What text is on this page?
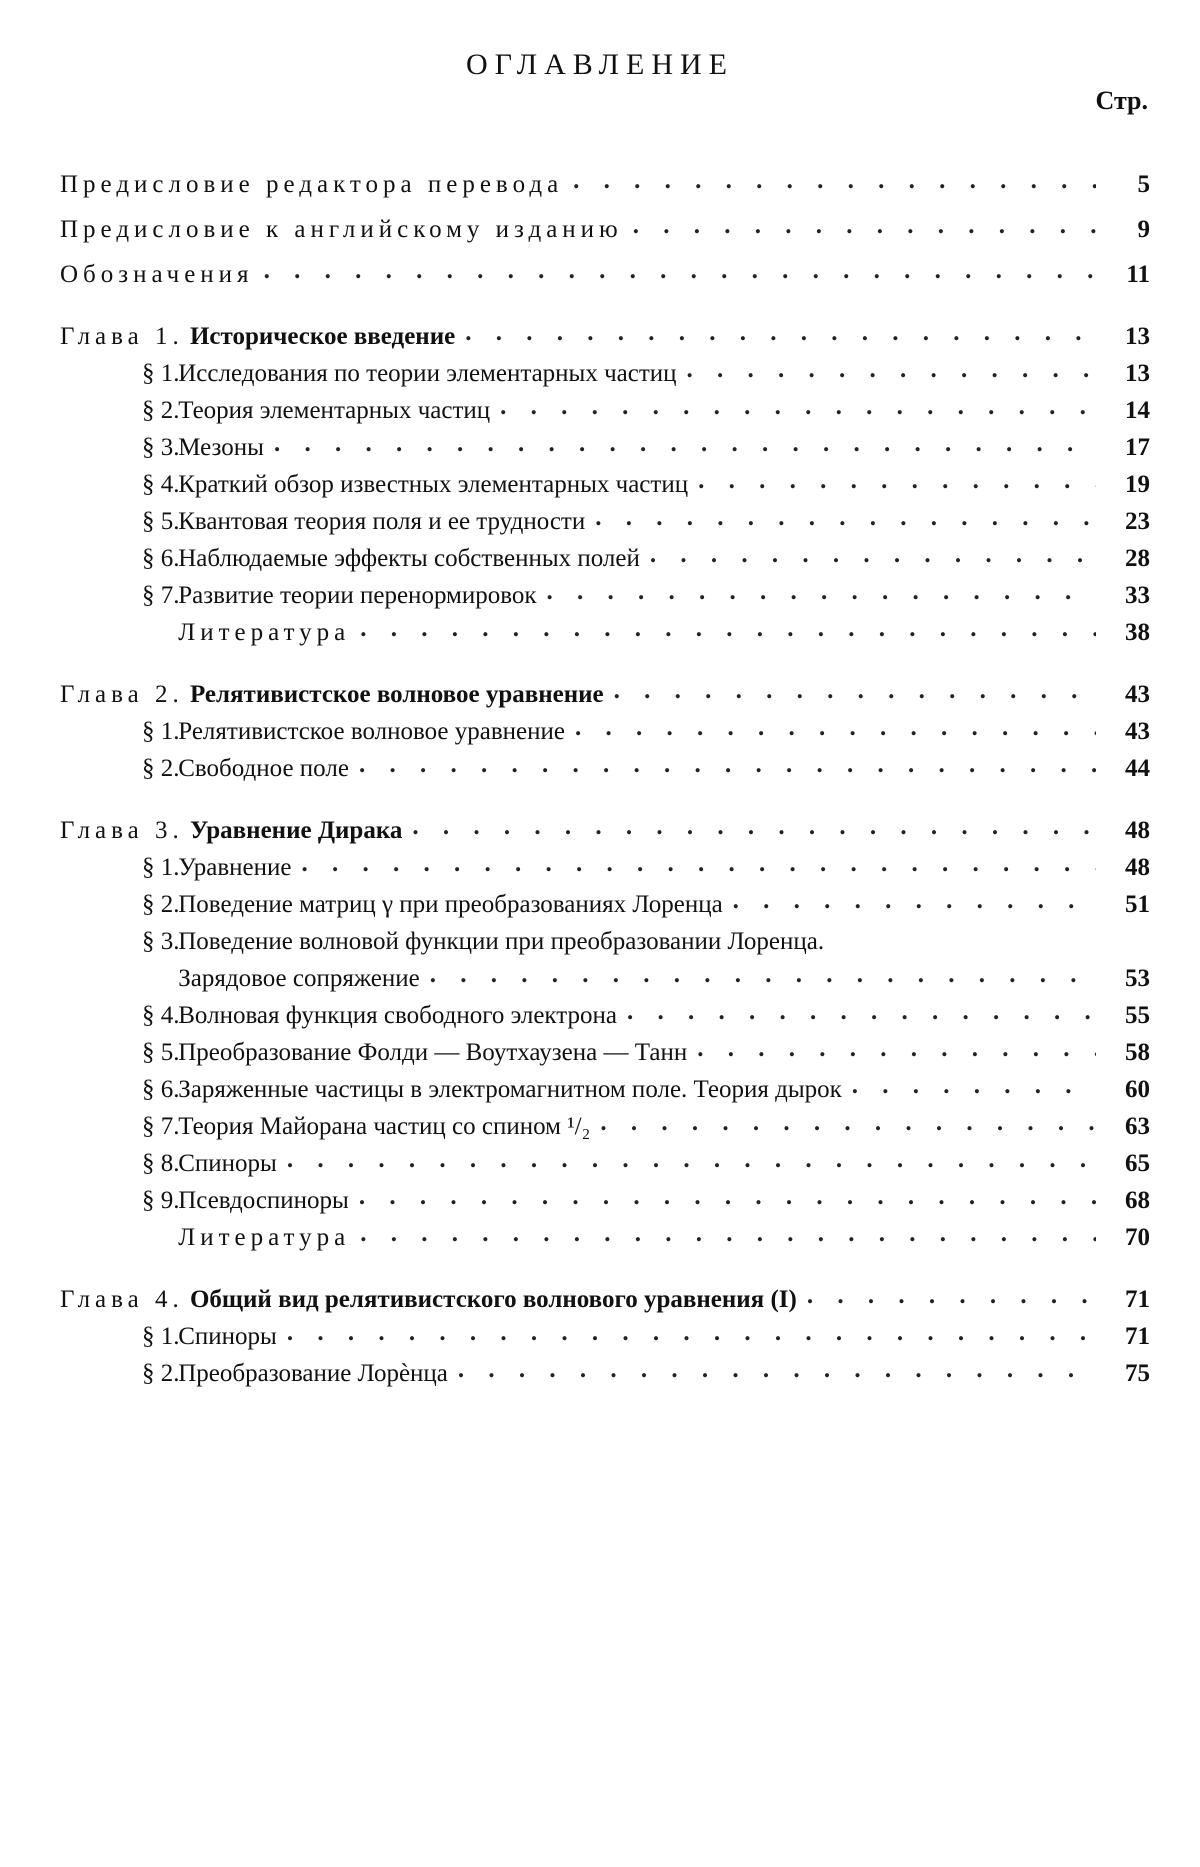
ОГЛАВЛЕНИЕ
Стр.
Предисловие редактора перевода . . .	5
Предисловие к английскому изданию . . .	9
Обозначения . . .	11
Глава 1. Историческое введение . . .	13
§ 1. Исследования по теории элементарных частиц . . .	13
§ 2. Теория элементарных частиц . . .	14
§ 3. Мезоны . . .	17
§ 4. Краткий обзор известных элементарных частиц . . .	19
§ 5. Квантовая теория поля и ее трудности . . .	23
§ 6. Наблюдаемые эффекты собственных полей . . .	28
§ 7. Развитие теории перенормировок . . .	33
Литература . . .	38
Глава 2. Релятивистское волновое уравнение . . .	43
§ 1. Релятивистское волновое уравнение . . .	43
§ 2. Свободное поле . . .	44
Глава 3. Уравнение Дирака . . .	48
§ 1. Уравнение . . .	48
§ 2. Поведение матриц γ при преобразованиях Лоренца . . .	51
§ 3. Поведение волновой функции при преобразовании Лоренца.
Зарядовое сопряжение . . .	53
§ 4. Волновая функция свободного электрона . . .	55
§ 5. Преобразование Фолди — Воутхаузена — Танн . . .	58
§ 6. Заряженные частицы в электромагнитном поле. Теория дырок . . .	60
§ 7. Теория Майорана частиц со спином ¹/₂ . . .	63
§ 8. Спиноры . . .	65
§ 9. Псевдоспиноры . . .	68
Литература . . .	70
Глава 4. Общий вид релятивистского волнового уравнения (I) . . .	71
§ 1. Спиноры . . .	71
§ 2. Преобразование Лорѐнца . . .	75
